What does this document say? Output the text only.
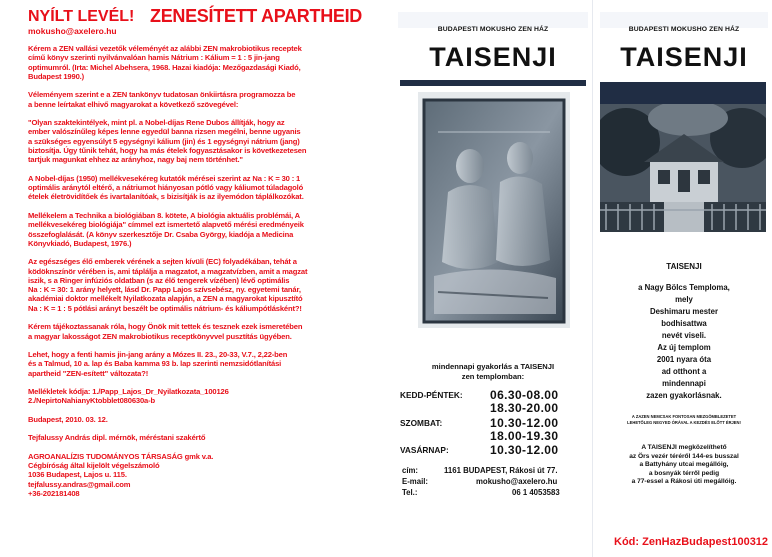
NYÍLT LEVÉL!
mokusho@axelero.hu
ZENESÍTETT APARTHEID

Kérem a ZEN vallási vezetők véleményét az alábbi ZEN makrobiotikus receptek
című könyv szerinti nyilvánvalóan hamis Nátrium : Kálium = 1 : 5 jin-jang
optimumról. (Irta: Michel Abehsera, 1968. Hazai kiadója: Mezőgazdasági Kiadó,
Budapest 1990.)

Véleményem szerint e a ZEN tankönyv tudatosan önkiirtásra programozza be
a benne leírtakat elhivő magyarokat a következő szövegével:

"Olyan szaktekintélyek, mint pl. a Nobel-díjas Rene Dubos állítják, hogy az
ember valószínűleg képes lenne egyedül banna rizsen megélni, benne ugyanis
a szükséges egyensúlyt 5 egységnyi kálium (jin) és 1 egységnyi nátrium (jang)
biztosítja. Úgy tűnik tehát, hogy ha más ételek fogyasztásakor is következetesen
tartjuk magunkat ehhez az arányhoz, nagy baj nem történhet."

A Nobel-díjas (1950) mellékvesekéreg kutatók mérései szerint az Na : K = 30 : 1
optimális aránytól eltérő, a nátriumot hiányosan pótló vagy káliumot túladagoló
ételek életrövidítőek és ivartalanítóak, s bizisítják is az ilyemódon táplálkozókat.

Mellékelem a Technika a biológiában 8. kötete, A biológia aktuális problémái, A
mellékvesekéreg biológiája" címmel ezt ismertető alapvető mérési eredményeik
összefoglalását. (A könyv szerkesztője Dr. Csaba György, kiadója a Medicina
Könyvkiadó, Budapest, 1976.)

Az egészséges élő emberek vérének a sejten kívüli (EC) folyadékában, tehát a
ködöknszínör vérében is, ami táplálja a magzatot, a magzatvízben, amit a magzat
iszik, s a Ringer infúziós oldatban (s az élő tengerek vízében) lévő optimális
Na : K = 30: 1 arány helyett, lásd Dr. Papp Lajos szívsebész, ny. egyetemi tanár,
akadémiai doktor mellékelt Nyilatkozata alapján, a ZEN a magyarokat kipusztító
Na : K = 1 : 5 pótlási arányt beszélt be optimális nátrium- és káliumpótlásként?!

Kérem tájékoztassanak róla, hogy Önök mit tettek és tesznek ezek ismeretében
a magyar lakosságot ZEN makrobiotikus receptkönyvvel pusztítás ügyében.

Lehet, hogy a fenti hamis jin-jang arány a Mózes II. 23., 20-33, V.7., 2,22-ben
és a Talmud, 10 a. lap és Baba kamma 93 b. lap szerinti nemzsidótlanítási
apartheid "ZEN-esített" változata?!

Mellékletek kódja: 1./Papp_Lajos_Dr_Nyilatkozata_100126
2./NepirtoNahianyKtobblet080630a-b

Budapest, 2010. 03. 12.

Tejfalussy András dipl. mérnök, méréstani szakértő

AGROANALÍZIS TUDOMÁNYOS TÁRSASÁG gmk v.a.
Cégbíróság által kijelölt végelszámoló
1036 Budapest, Lajos u. 115.
tejfalussy.andras@gmail.com
+36-202181408
BUDAPESTI MOKUSHO ZEN HÁZ
TAISENJI
mindennapi gyakorlás a TAISENJI
zen templomban:
KEDD-PÉNTEK: 06.30-08.00
18.30-20.00
SZOMBAT:	10.30-12.00
18.00-19.30
VASÁRNAP:	10.30-12.00
cím:	1161 BUDAPEST, Rákosi út 77.
E-mail:	mokusho@axelero.hu
Tel.:	06 1 4053583
BUDAPESTI MOKUSHO ZEN HÁZ
TAISENJI
TAISENJI
a Nagy Bölcs Temploma,
mely
Deshimaru mester
bodhisattwa
nevét viseli.
Az új templom
2001 nyara óta
ad otthont a
mindennapi
zazen gyakorlásnak.
A ZAZEN NEMCSAK FONTOSAN MEZGÖMBLEZETET
LEHETŐLEG NEGYED ÓRÁVAL A KEZDÉS ELŐTT ÉRJEN!
A TAISENJI megközelíthető
az Örs vezér téréről 144-es busszal
a Battyhány utcai megállóig,
a bosnyák térről pedig
a 77-essel a Rákosi úti megállóig.
Kód: ZenHazBudapest100312
